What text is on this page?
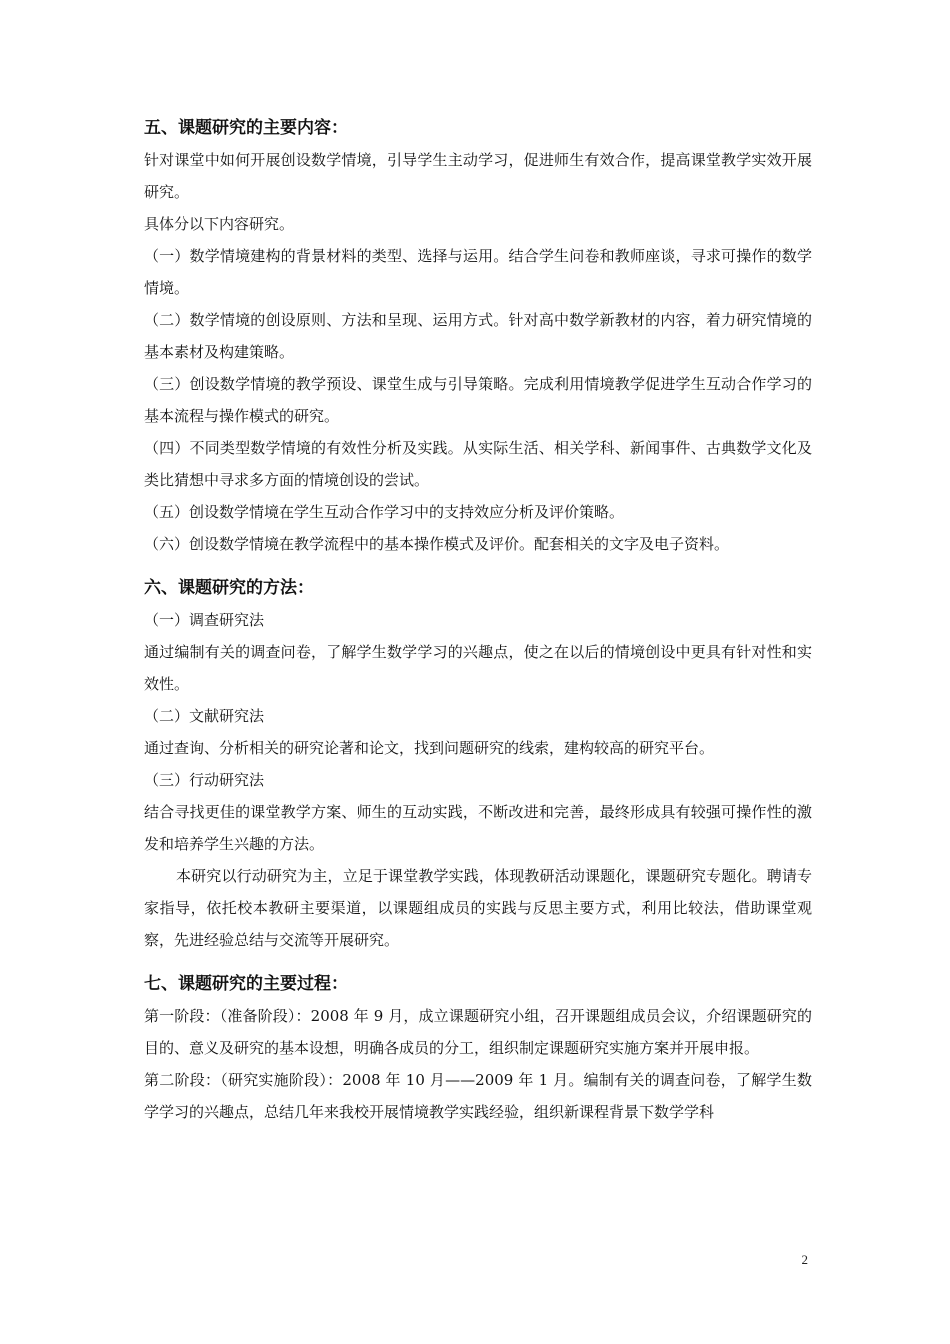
五、课题研究的主要内容：

针对课堂中如何开展创设数学情境，引导学生主动学习，促进师生有效合作，提高课堂教学实效开展研究。

具体分以下内容研究。

（一）数学情境建构的背景材料的类型、选择与运用。结合学生问卷和教师座谈，寻求可操作的数学情境。

（二）数学情境的创设原则、方法和呈现、运用方式。针对高中数学新教材的内容，着力研究情境的基本素材及构建策略。

（三）创设数学情境的教学预设、课堂生成与引导策略。完成利用情境教学促进学生互动合作学习的基本流程与操作模式的研究。

（四）不同类型数学情境的有效性分析及实践。从实际生活、相关学科、新闻事件、古典数学文化及类比猜想中寻求多方面的情境创设的尝试。

（五）创设数学情境在学生互动合作学习中的支持效应分析及评价策略。

（六）创设数学情境在教学流程中的基本操作模式及评价。配套相关的文字及电子资料。

六、课题研究的方法：

（一）调查研究法

通过编制有关的调查问卷，了解学生数学学习的兴趣点，使之在以后的情境创设中更具有针对性和实效性。

（二）文献研究法

通过查询、分析相关的研究论著和论文，找到问题研究的线索，建构较高的研究平台。

（三）行动研究法

结合寻找更佳的课堂教学方案、师生的互动实践，不断改进和完善，最终形成具有较强可操作性的激发和培养学生兴趣的方法。

本研究以行动研究为主，立足于课堂教学实践，体现教研活动课题化，课题研究专题化。聘请专家指导，依托校本教研主要渠道，以课题组成员的实践与反思主要方式，利用比较法，借助课堂观察，先进经验总结与交流等开展研究。

七、课题研究的主要过程：

第一阶段：（准备阶段）：2008 年 9 月，成立课题研究小组，召开课题组成员会议，介绍课题研究的目的、意义及研究的基本设想，明确各成员的分工，组织制定课题研究实施方案并开展申报。

第二阶段：（研究实施阶段）：2008 年 10 月——2009 年 1 月。编制有关的调查问卷，了解学生数学学习的兴趣点，总结几年来我校开展情境教学实践经验，组织新课程背景下数学学科

2
